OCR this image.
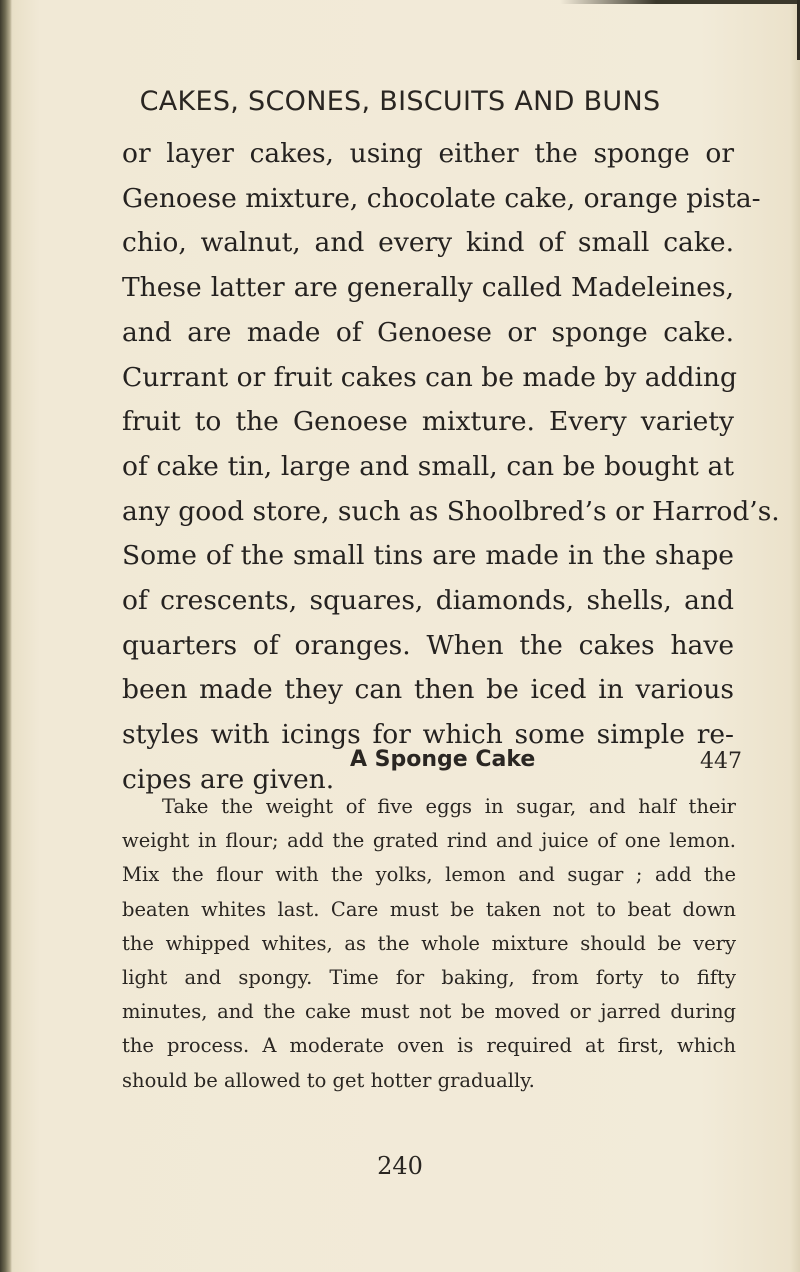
CAKES, SCONES, BISCUITS AND BUNS
or layer cakes, using either the sponge or
Genoese mixture, chocolate cake, orange pista-
chio, walnut, and every kind of small cake.
These latter are generally called Madeleines,
and are made of Genoese or sponge cake.
Currant or fruit cakes can be made by adding
fruit to the Genoese mixture. Every variety
of cake tin, large and small, can be bought at
any good store, such as Shoolbred’s or Harrod’s.
Some of the small tins are made in the shape
of crescents, squares, diamonds, shells, and
quarters of oranges. When the cakes have
been made they can then be iced in various
styles with icings for which some simple re-
cipes are given.
A Sponge Cake	447
Take the weight of five eggs in sugar, and half their
weight in flour; add the grated rind and juice of one lemon.
Mix the flour with the yolks, lemon and sugar ; add the
beaten whites last. Care must be taken not to beat down
the whipped whites, as the whole mixture should be very
light and spongy. Time for baking, from forty to fifty
minutes, and the cake must not be moved or jarred during
the process. A moderate oven is required at first, which
should be allowed to get hotter gradually.
240
